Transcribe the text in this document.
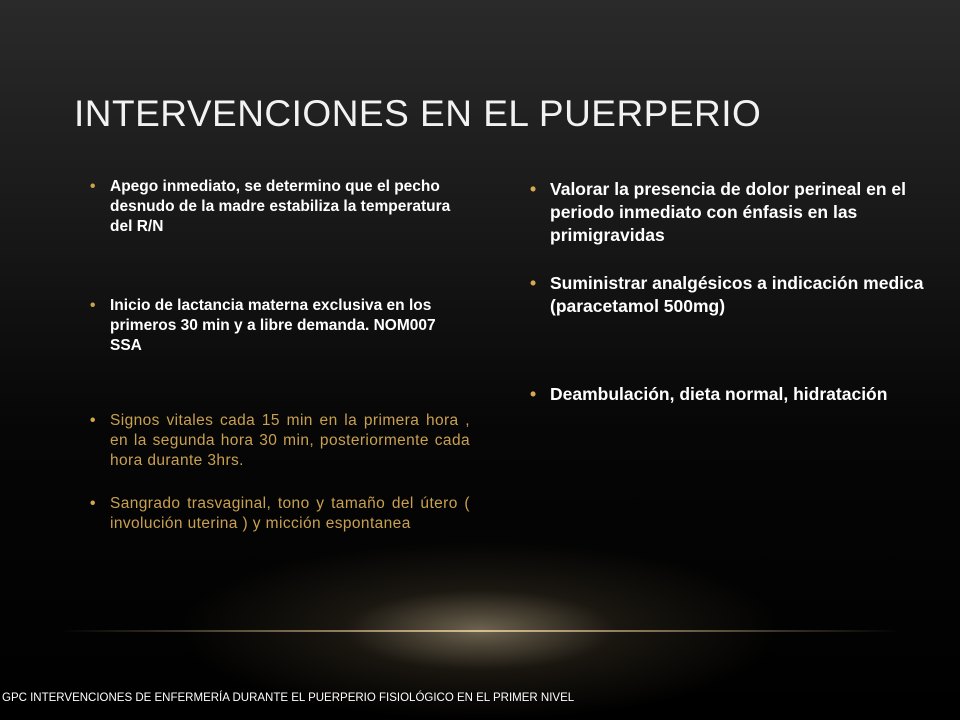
INTERVENCIONES EN EL PUERPERIO
• Apego inmediato, se determino que el pecho desnudo de la madre estabiliza la temperatura del R/N
• Inicio de lactancia materna exclusiva en los primeros 30 min y a libre demanda. NOM007 SSA
• Signos vitales cada 15 min en la primera hora , en la segunda hora 30 min, posteriormente cada hora durante 3hrs.
• Sangrado trasvaginal, tono y tamaño del útero ( involución uterina ) y micción espontanea
• Valorar la presencia de dolor perineal en el periodo inmediato con énfasis en las primigravidas
• Suministrar analgésicos a indicación medica (paracetamol 500mg)
• Deambulación, dieta normal, hidratación
GPC INTERVENCIONES DE ENFERMERÍA DURANTE EL PUERPERIO FISIOLÓGICO EN EL PRIMER NIVEL
